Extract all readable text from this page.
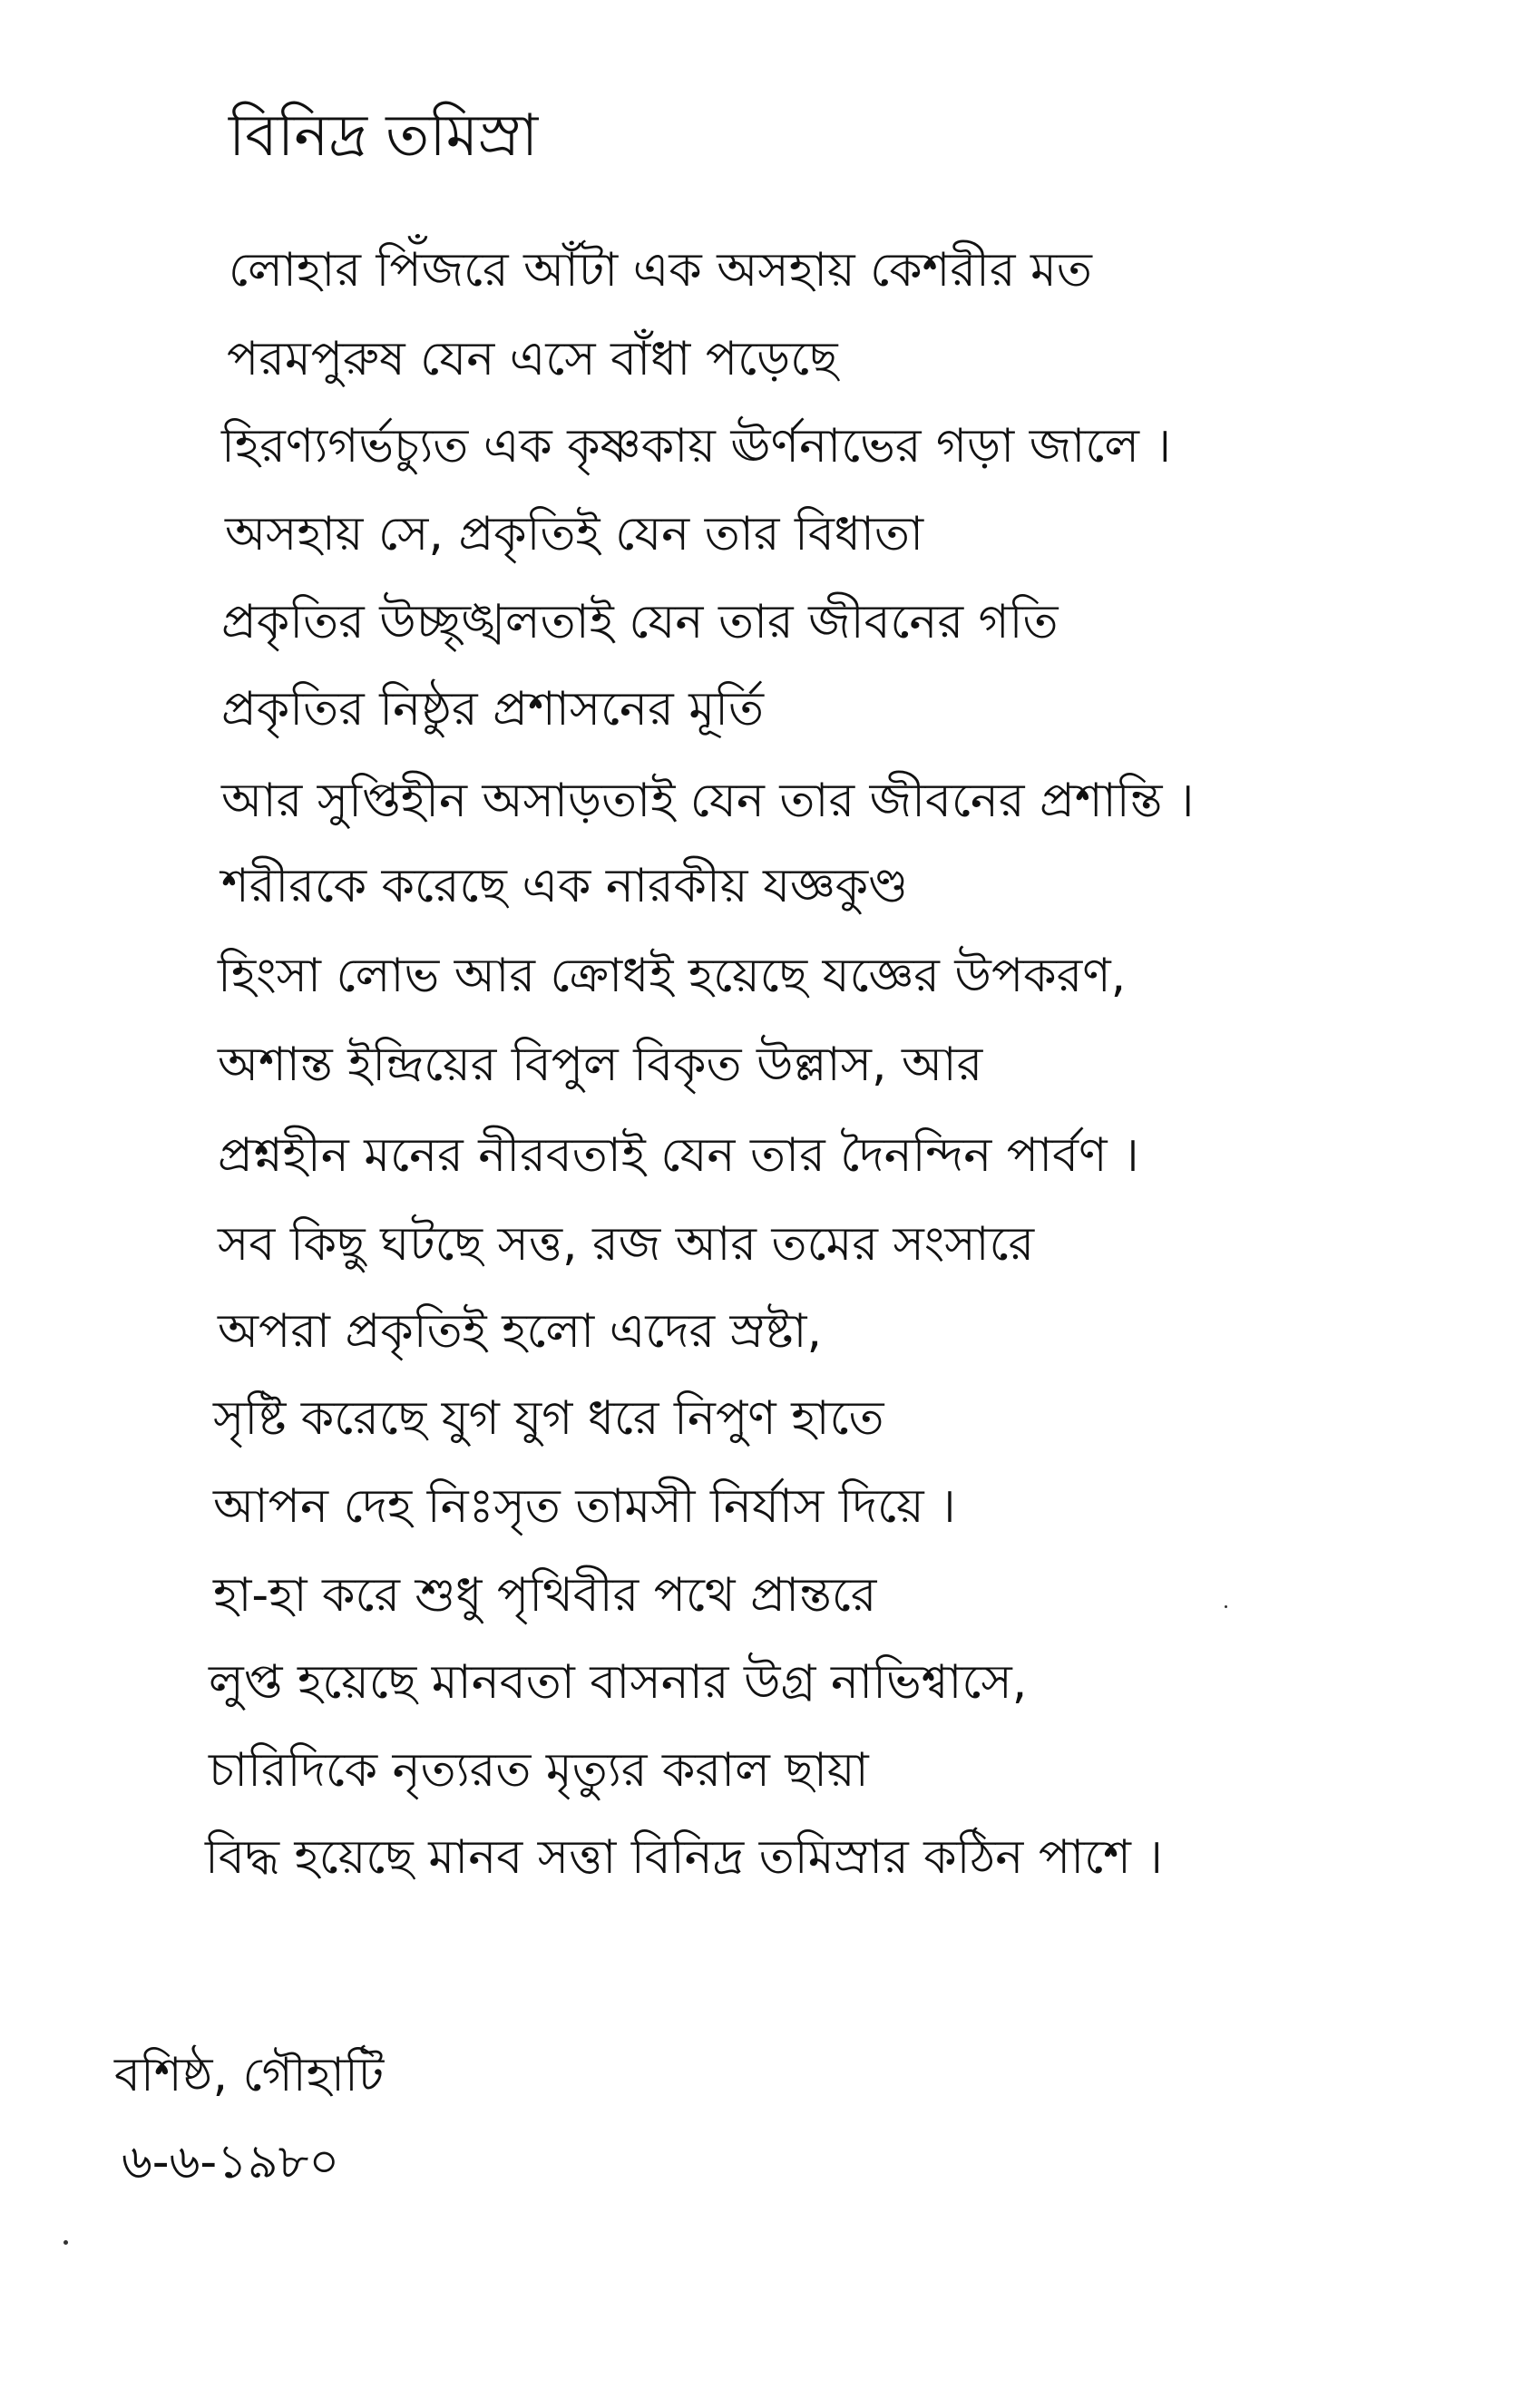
বিনিদ্র তমিস্রা
লোহার পিঁজরে আঁটা এক অসহায় কেশরীর মত
পরমপুরুষ যেন এসে বাঁধা পড়েছে
হিরণ্যগর্ভচ্যুত এক কৃষ্ণকায় ঊর্ণনাভের গড়া জালে ।
অসহায় সে, প্রকৃতিই যেন তার বিধাতা
প্রকৃতির উচ্ছৃঙ্খলতাই যেন তার জীবনের গতি
প্রকৃতির নিষ্ঠুর প্রশাসনের মূর্তি
আর সুপ্তিহীন অসাড়তাই যেন তার জীবনের প্রশান্তি ।
শরীরকে করেছে এক নারকীয় যজ্ঞকুণ্ড
হিংসা লোভ আর ক্রোধই হয়েছে যজ্ঞের উপকরণ,
অশান্ত ইন্দ্রিয়ের বিপুল বিকৃত উল্লাস, আর
প্রশ্নহীন মনের নীরবতাই যেন তার দৈনন্দিন পার্বণ ।
সব কিছু ঘটছে সত্ত, রজ আর তমের সংসারে
অপরা প্রকৃতিই হলো এদের স্রষ্টা,
সৃষ্টি করেছে যুগ যুগ ধরে নিপুণ হাতে
আপন দেহ নিঃসৃত তামসী নির্যাস দিয়ে ।
হা-হা করে শুধু পৃথিবীর পথে প্রান্তরে
লুপ্ত হয়েছে মানবতা বাসনার উগ্র নাভিশ্বাসে,
চারিদিকে নৃত্যরত মৃত্যুর করাল ছায়া
বিদ্ধ হয়েছে মানব সত্তা বিনিদ্র তমিস্রার কঠিন পাশে ।
বশিষ্ঠ, গৌহাটি
৬-৬-১৯৮০
